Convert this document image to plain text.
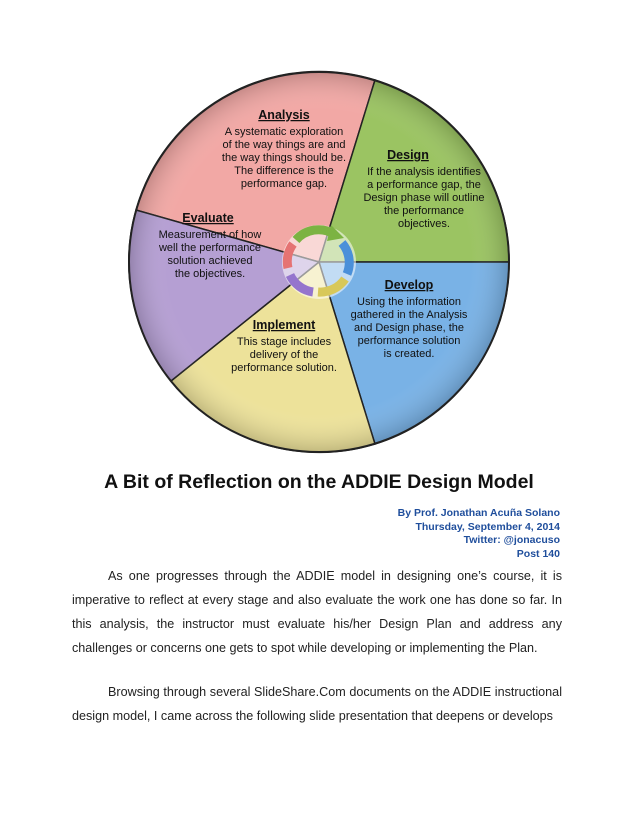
Analysis
A systematic exploration
of the way things are and
the way things should be.
The difference is the
performance gap.
Design
If the analysis identifies
a performance gap, the
Design phase will outline
the performance
objectives.
Develop
Using the information
gathered in the Analysis
and Design phase, the
performance solution
is created.
Implement
This stage includes
delivery of the
performance solution.
Evaluate
Measurement of how
well the performance
solution achieved
the objectives.
A Bit of Reflection on the ADDIE Design Model
By Prof. Jonathan Acuña Solano
Thursday, September 4, 2014
Twitter: @jonacuso
Post 140

As one progresses through the ADDIE model in designing one’s course, it is imperative to reflect at every stage and also evaluate the work one has done so far. In this analysis, the instructor must evaluate his/her Design Plan and address any challenges or concerns one gets to spot while developing or implementing the Plan.

Browsing through several SlideShare.Com documents on the ADDIE instructional design model, I came across the following slide presentation that deepens or develops
